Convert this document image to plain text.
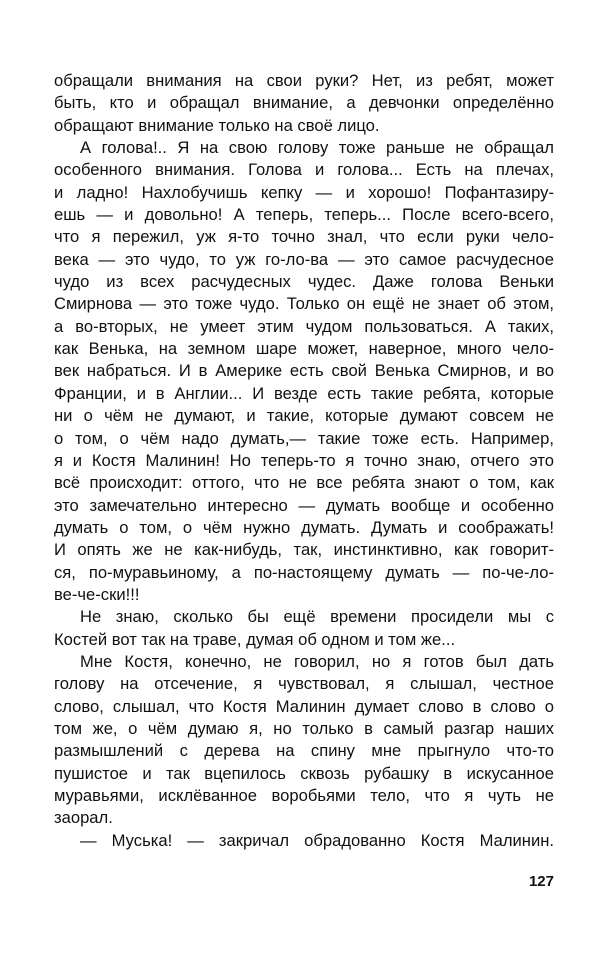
обращали внимания на свои руки? Нет, из ребят, может
быть, кто и обращал внимание, а девчонки определённо
обращают внимание только на своё лицо.
А голова!.. Я на свою голову тоже раньше не обращал
особенного внимания. Голова и голова... Есть на плечах,
и ладно! Нахлобучишь кепку — и хорошо! Пофантазиру-
ешь — и довольно! А теперь, теперь... После всего-всего,
что я пережил, уж я-то точно знал, что если руки чело-
века — это чудо, то уж го-ло-ва — это самое расчудесное
чудо из всех расчудесных чудес. Даже голова Веньки
Смирнова — это тоже чудо. Только он ещё не знает об этом,
а во-вторых, не умеет этим чудом пользоваться. А таких,
как Венька, на земном шаре может, наверное, много чело-
век набраться. И в Америке есть свой Венька Смирнов, и во
Франции, и в Англии... И везде есть такие ребята, которые
ни о чём не думают, и такие, которые думают совсем не
о том, о чём надо думать,— такие тоже есть. Например,
я и Костя Малинин! Но теперь-то я точно знаю, отчего это
всё происходит: оттого, что не все ребята знают о том, как
это замечательно интересно — думать вообще и особенно
думать о том, о чём нужно думать. Думать и соображать!
И опять же не как-нибудь, так, инстинктивно, как говорит-
ся, по-муравьиному, а по-настоящему думать — по-че-ло-
ве-че-ски!!!
Не знаю, сколько бы ещё времени просидели мы с
Костей вот так на траве, думая об одном и том же...
Мне Костя, конечно, не говорил, но я готов был дать
голову на отсечение, я чувствовал, я слышал, честное
слово, слышал, что Костя Малинин думает слово в слово о
том же, о чём думаю я, но только в самый разгар наших
размышлений с дерева на спину мне прыгнуло что-то
пушистое и так вцепилось сквозь рубашку в искусанное
муравьями, исклёванное воробьями тело, что я чуть не
заорал.
— Муська! — закричал обрадованно Костя Малинин.
127
